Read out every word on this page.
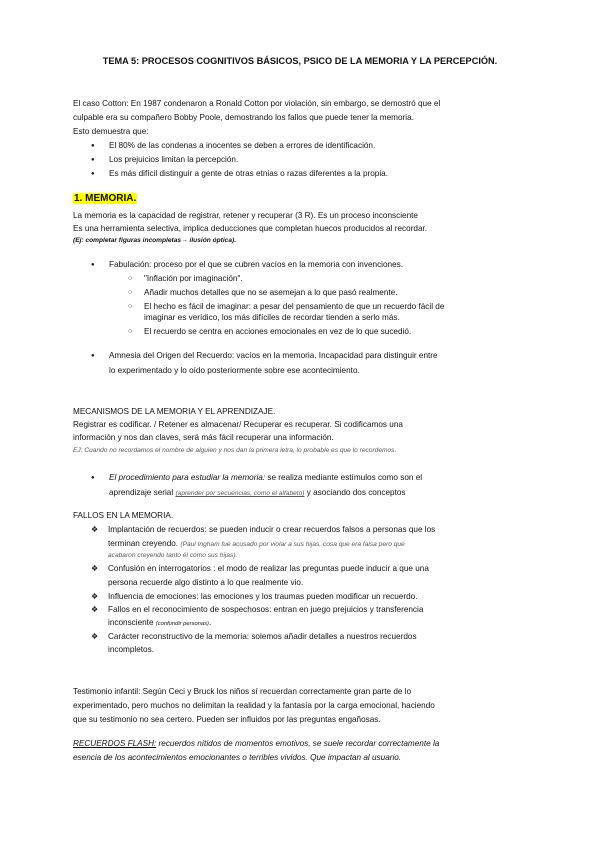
TEMA 5: PROCESOS COGNITIVOS BÁSICOS, PSICO DE LA MEMORIA Y LA PERCEPCIÓN.
El caso Cotton: En 1987 condenaron a Ronald Cotton por violación, sin embargo, se demostró que el
culpable era su compañero Bobby Poole, demostrando los fallos que puede tener la memoria.
Esto demuestra que:
● El 80% de las condenas a inocentes se deben a errores de identificación.
● Los prejuicios limitan la percepción.
● Es más difícil distinguir a gente de otras etnias o razas diferentes a la propia.
1. MEMORIA.
La memoria es la capacidad de registrar, retener y recuperar (3 R). Es un proceso inconsciente
Es una herramienta selectiva, implica deducciones que completan huecos producidos al recordar.
(Ej: completar figuras incompletas→ ilusión óptica).
● Fabulación: proceso por el que se cubren vacíos en la memoria con invenciones.
○ "Inflación por imaginación".
○ Añadir muchos detalles que no se asemejan a lo que pasó realmente.
○ El hecho es fácil de imaginar: a pesar del pensamiento de que un recuerdo fácil de
imaginar es verídico, los más difíciles de recordar tienden a serlo más.
○ El recuerdo se centra en acciones emocionales en vez de lo que sucedió.
● Amnesia del Origen del Recuerdo: vacíos en la memoria. Incapacidad para distinguir entre
lo experimentado y lo oído posteriormente sobre ese acontecimiento.
MECANISMOS DE LA MEMORIA Y EL APRENDIZAJE.
Registrar es codificar. / Retener es almacenar/ Recuperar es recuperar. Si codificamos una
información y nos dan claves, será más fácil recuperar una información.
EJ: Cuando no recordamos el nombre de alguien y nos dan la primera letra, lo probable es que lo recordemos.
● El procedimiento para estudiar la memoria: se realiza mediante estímulos como son el
aprendizaje serial (aprender por secuencias, como el alfabeto) y asociando dos conceptos
FALLOS EN LA MEMORIA.
❖ Implantación de recuerdos: se pueden inducir o crear recuerdos falsos a personas que los
terminan creyendo. (Paul Ingham fue acusado por violar a sus hijas, cosa que era falsa pero que
acabaron creyendo tanto él como sus hijas).
❖ Confusión en interrogatorios : el modo de realizar las preguntas puede inducir a que una
persona recuerde algo distinto a lo que realmente vio.
❖ Influencia de emociones: las emociones y los traumas pueden modificar un recuerdo.
❖ Fallos en el reconocimiento de sospechosos: entran en juego prejuicios y transferencia
inconsciente (confundir personas).
❖ Carácter reconstructivo de la memoria: solemos añadir detalles a nuestros recuerdos
incompletos.
Testimonio infantil: Según Ceci y Bruck los niños sí recuerdan correctamente gran parte de lo
experimentado, pero muchos no delimitan la realidad y la fantasía por la carga emocional, haciendo
que su testimonio no sea certero. Pueden ser influidos por las preguntas engañosas.
RECUERDOS FLASH: recuerdos nítidos de momentos emotivos, se suele recordar correctamente la
esencia de los acontecimientos emocionantes o terribles vividos. Que impactan al usuario.
